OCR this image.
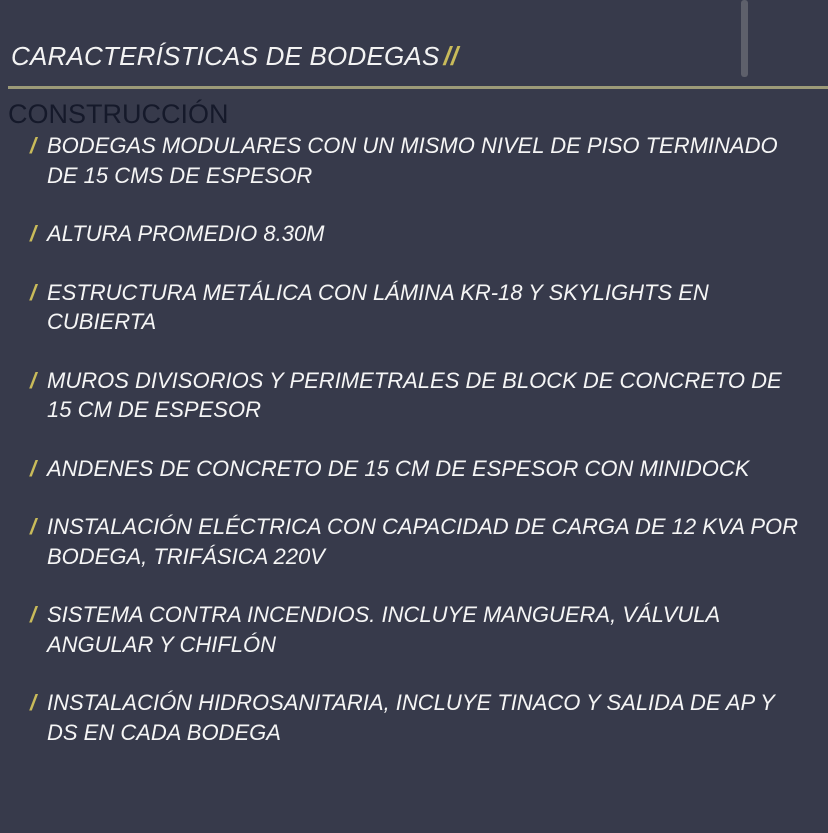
CARACTERÍSTICAS DE BODEGAS //
CONSTRUCCIÓN
/ BODEGAS MODULARES CON UN MISMO NIVEL DE PISO TERMINADO DE 15 CMS DE ESPESOR
/ ALTURA PROMEDIO 8.30M
/ ESTRUCTURA METÁLICA CON LÁMINA KR-18 Y SKYLIGHTS EN CUBIERTA
/ MUROS DIVISORIOS Y PERIMETRALES DE BLOCK DE CONCRETO DE 15 CM DE ESPESOR
/ ANDENES DE CONCRETO DE 15 CM DE ESPESOR CON MINIDOCK
/ INSTALACIÓN ELÉCTRICA CON CAPACIDAD DE CARGA DE 12 KVA POR BODEGA, TRIFÁSICA 220V
/ SISTEMA CONTRA INCENDIOS. INCLUYE MANGUERA, VÁLVULA ANGULAR Y CHIFLÓN
/ INSTALACIÓN HIDROSANITARIA, INCLUYE TINACO Y SALIDA DE AP Y DS EN CADA BODEGA
